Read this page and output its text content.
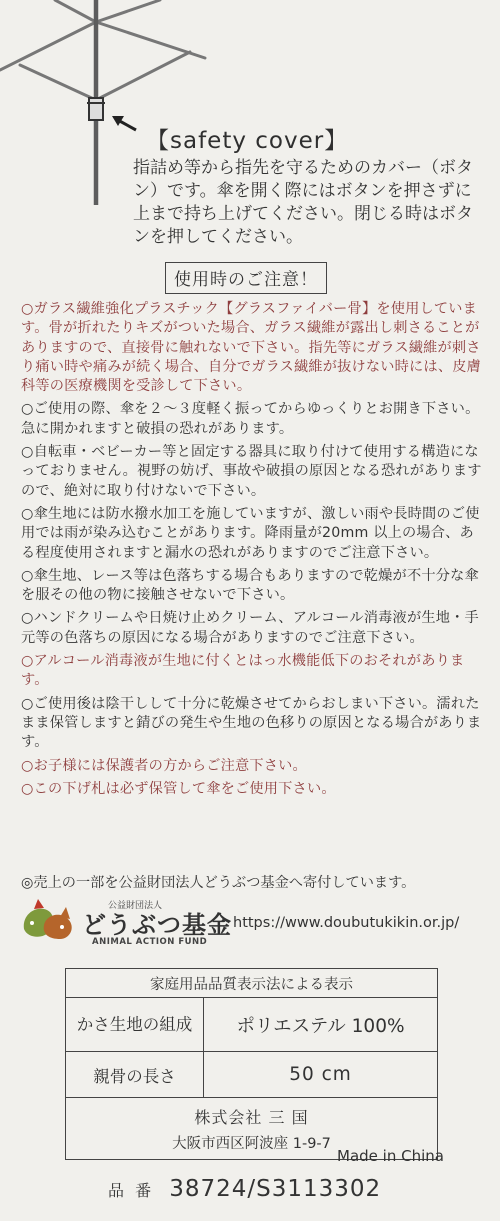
【safety cover】
指詰め等から指先を守るためのカバー（ボタン）です。傘を開く際にはボタンを押さずに上まで持ち上げてください。閉じる時はボタンを押してください。
使用時のご注意！

○ガラス繊維強化プラスチック【グラスファイバー骨】を使用しています。骨が折れたりキズがついた場合、ガラス繊維が露出し刺さることがありますので、直接骨に触れないで下さい。指先等にガラス繊維が刺さり痛い時や痛みが続く場合、自分でガラス繊維が抜けない時には、皮膚科等の医療機関を受診して下さい。

○ご使用の際、傘を２～３度軽く振ってからゆっくりとお開き下さい。急に開かれますと破損の恐れがあります。

○自転車・ベビーカー等と固定する器具に取り付けて使用する構造になっておりません。視野の妨げ、事故や破損の原因となる恐れがありますので、絶対に取り付けないで下さい。

○傘生地には防水撥水加工を施していますが、激しい雨や長時間のご使用では雨が染み込むことがあります。降雨量が20mm 以上の場合、ある程度使用されますと漏水の恐れがありますのでご注意下さい。

○傘生地、レース等は色落ちする場合もありますので乾燥が不十分な傘を服その他の物に接触させないで下さい。

○ハンドクリームや日焼け止めクリーム、アルコール消毒液が生地・手元等の色落ちの原因になる場合がありますのでご注意下さい。

○アルコール消毒液が生地に付くとはっ水機能低下のおそれがあります。

○ご使用後は陰干しして十分に乾燥させてからおしまい下さい。濡れたまま保管しますと錆びの発生や生地の色移りの原因となる場合があります。

○お子様には保護者の方からご注意下さい。

○この下げ札は必ず保管して傘をご使用下さい。

◎売上の一部を公益財団法人どうぶつ基金へ寄付しています。
公益財団法人
どうぶつ基金
ANIMAL ACTION FUND
https://www.doubutukikin.or.jp/
家庭用品品質表示法による表示
かさ生地の組成	ポリエステル 100%
親骨の長さ	50 cm
株式会社 三 国
大阪市西区阿波座 1-9-7
Made in China
品 番 38724/S3113302
